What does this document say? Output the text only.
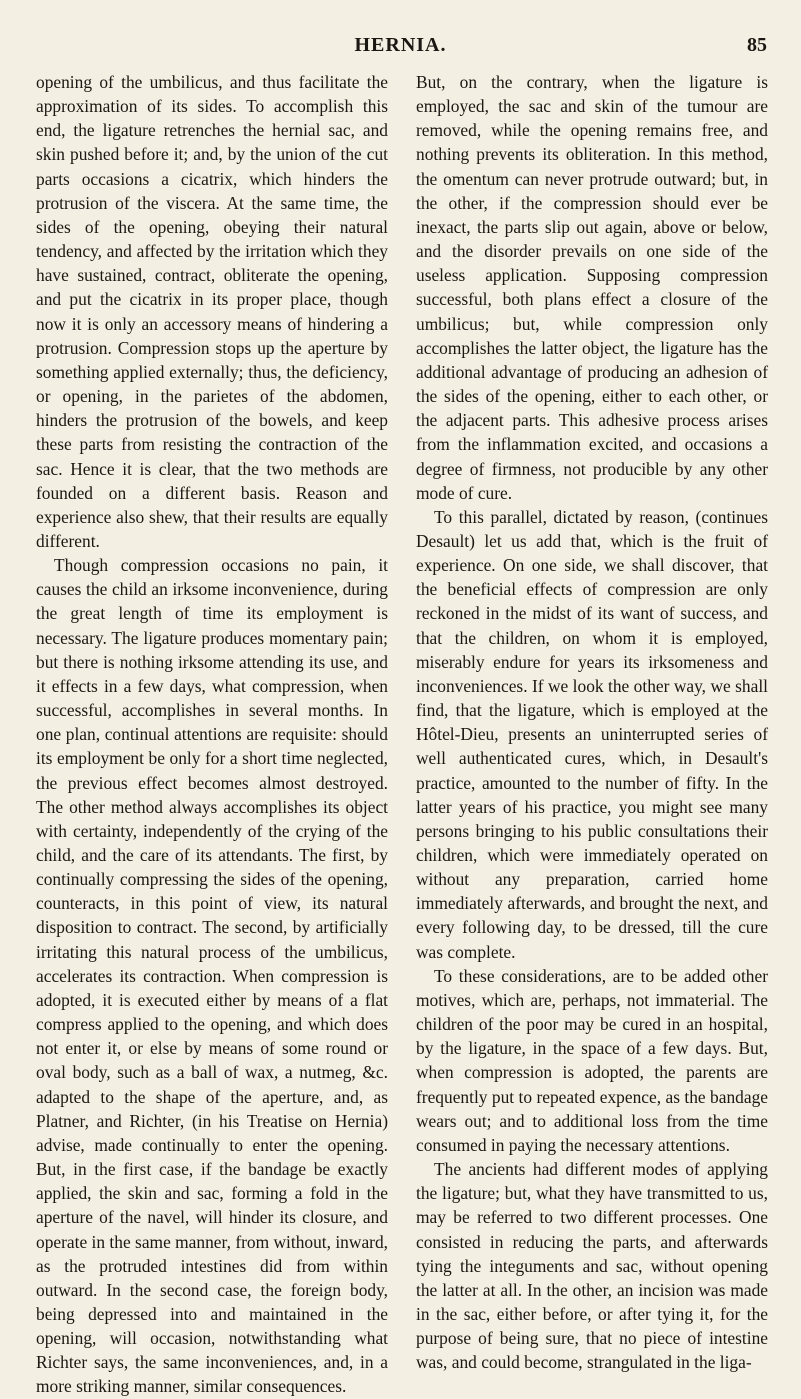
HERNIA.	85

opening of the umbilicus, and thus facilitate the approximation of its sides. To accomplish this end, the ligature retrenches the hernial sac, and skin pushed before it; and, by the union of the cut parts occasions a cicatrix, which hinders the protrusion of the viscera. At the same time, the sides of the opening, obeying their natural tendency, and affected by the irritation which they have sustained, contract, obliterate the opening, and put the cicatrix in its proper place, though now it is only an accessory means of hindering a protrusion. Compression stops up the aperture by something applied externally; thus, the deficiency, or opening, in the parietes of the abdomen, hinders the protrusion of the bowels, and keep these parts from resisting the contraction of the sac. Hence it is clear, that the two methods are founded on a different basis. Reason and experience also shew, that their results are equally different.

Though compression occasions no pain, it causes the child an irksome inconvenience, during the great length of time its employment is necessary. The ligature produces momentary pain; but there is nothing irksome attending its use, and it effects in a few days, what compression, when successful, accomplishes in several months. In one plan, continual attentions are requisite: should its employment be only for a short time neglected, the previous effect becomes almost destroyed. The other method always accomplishes its object with certainty, independently of the crying of the child, and the care of its attendants. The first, by continually compressing the sides of the opening, counteracts, in this point of view, its natural disposition to contract. The second, by artificially irritating this natural process of the umbilicus, accelerates its contraction. When compression is adopted, it is executed either by means of a flat compress applied to the opening, and which does not enter it, or else by means of some round or oval body, such as a ball of wax, a nutmeg, &c. adapted to the shape of the aperture, and, as Platner, and Richter, (in his Treatise on Hernia) advise, made continually to enter the opening. But, in the first case, if the bandage be exactly applied, the skin and sac, forming a fold in the aperture of the navel, will hinder its closure, and operate in the same manner, from without, inward, as the protruded intestines did from within outward. In the second case, the foreign body, being depressed into and maintained in the opening, will occasion, notwithstanding what Richter says, the same inconveniences, and, in a more striking manner, similar consequences.

But, on the contrary, when the ligature is employed, the sac and skin of the tumour are removed, while the opening remains free, and nothing prevents its obliteration. In this method, the omentum can never protrude outward; but, in the other, if the compression should ever be inexact, the parts slip out again, above or below, and the disorder prevails on one side of the useless application. Supposing compression successful, both plans effect a closure of the umbilicus; but, while compression only accomplishes the latter object, the ligature has the additional advantage of producing an adhesion of the sides of the opening, either to each other, or the adjacent parts. This adhesive process arises from the inflammation excited, and occasions a degree of firmness, not producible by any other mode of cure.

To this parallel, dictated by reason, (continues Desault) let us add that, which is the fruit of experience. On one side, we shall discover, that the beneficial effects of compression are only reckoned in the midst of its want of success, and that the children, on whom it is employed, miserably endure for years its irksomeness and inconveniences. If we look the other way, we shall find, that the ligature, which is employed at the Hôtel-Dieu, presents an uninterrupted series of well authenticated cures, which, in Desault's practice, amounted to the number of fifty. In the latter years of his practice, you might see many persons bringing to his public consultations their children, which were immediately operated on without any preparation, carried home immediately afterwards, and brought the next, and every following day, to be dressed, till the cure was complete.

To these considerations, are to be added other motives, which are, perhaps, not immaterial. The children of the poor may be cured in an hospital, by the ligature, in the space of a few days. But, when compression is adopted, the parents are frequently put to repeated expence, as the bandage wears out; and to additional loss from the time consumed in paying the necessary attentions.

The ancients had different modes of applying the ligature; but, what they have transmitted to us, may be referred to two different processes. One consisted in reducing the parts, and afterwards tying the integuments and sac, without opening the latter at all. In the other, an incision was made in the sac, either before, or after tying it, for the purpose of being sure, that no piece of intestine was, and could become, strangulated in the liga-
